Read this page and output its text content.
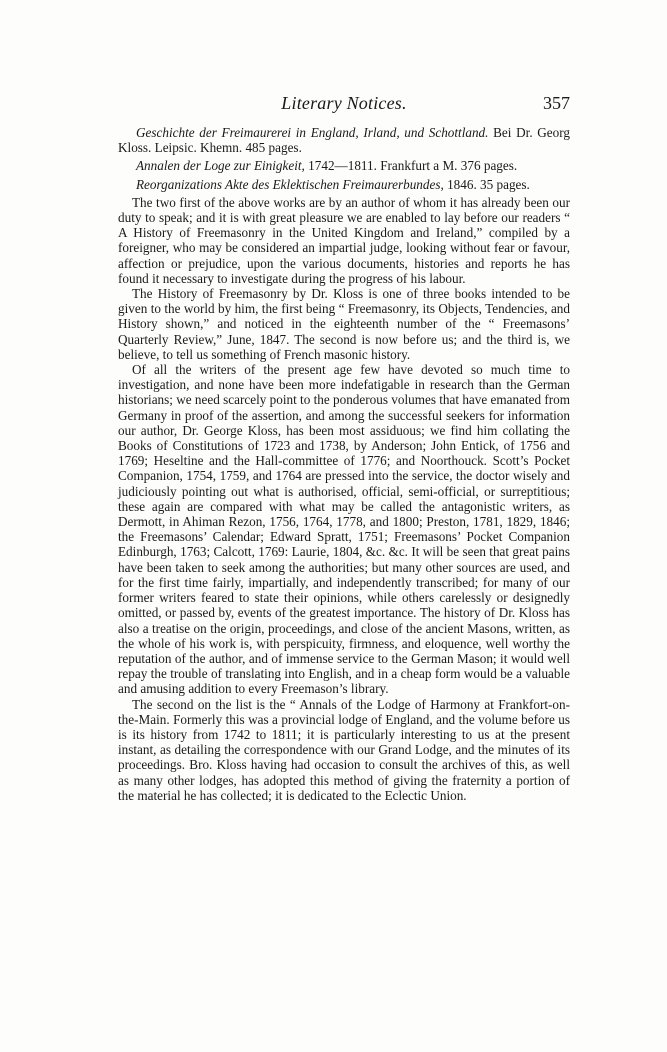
Literary Notices.	357

Geschichte der Freimaurerei in England, Irland, und Schottland. Bei Dr. Georg Kloss. Leipsic. Khemn. 485 pages.

Annalen der Loge zur Einigkeit, 1742—1811. Frankfurt a M. 376 pages.

Reorganizations Akte des Eklektischen Freimaurerbundes, 1846. 35 pages.

The two first of the above works are by an author of whom it has already been our duty to speak; and it is with great pleasure we are enabled to lay before our readers “ A History of Freemasonry in the United Kingdom and Ireland,” compiled by a foreigner, who may be considered an impartial judge, looking without fear or favour, affection or prejudice, upon the various documents, histories and reports he has found it necessary to investigate during the progress of his labour.

The History of Freemasonry by Dr. Kloss is one of three books intended to be given to the world by him, the first being “ Freemasonry, its Objects, Tendencies, and History shown,” and noticed in the eighteenth number of the “ Freemasons’ Quarterly Review,” June, 1847. The second is now before us; and the third is, we believe, to tell us something of French masonic history.

Of all the writers of the present age few have devoted so much time to investigation, and none have been more indefatigable in research than the German historians; we need scarcely point to the ponderous volumes that have emanated from Germany in proof of the assertion, and among the successful seekers for information our author, Dr. George Kloss, has been most assiduous; we find him collating the Books of Constitutions of 1723 and 1738, by Anderson; John Entick, of 1756 and 1769; Heseltine and the Hall-committee of 1776; and Noorthouck. Scott’s Pocket Companion, 1754, 1759, and 1764 are pressed into the service, the doctor wisely and judiciously pointing out what is authorised, official, semi-official, or surreptitious; these again are compared with what may be called the antagonistic writers, as Dermott, in Ahiman Rezon, 1756, 1764, 1778, and 1800; Preston, 1781, 1829, 1846; the Freemasons’ Calendar; Edward Spratt, 1751; Freemasons’ Pocket Companion Edinburgh, 1763; Calcott, 1769: Laurie, 1804, &c. &c. It will be seen that great pains have been taken to seek among the authorities; but many other sources are used, and for the first time fairly, impartially, and independently transcribed; for many of our former writers feared to state their opinions, while others carelessly or designedly omitted, or passed by, events of the greatest importance. The history of Dr. Kloss has also a treatise on the origin, proceedings, and close of the ancient Masons, written, as the whole of his work is, with perspicuity, firmness, and eloquence, well worthy the reputation of the author, and of immense service to the German Mason; it would well repay the trouble of translating into English, and in a cheap form would be a valuable and amusing addition to every Freemason’s library.

The second on the list is the “ Annals of the Lodge of Harmony at Frankfort-on-the-Main. Formerly this was a provincial lodge of England, and the volume before us is its history from 1742 to 1811; it is particularly interesting to us at the present instant, as detailing the correspondence with our Grand Lodge, and the minutes of its proceedings. Bro. Kloss having had occasion to consult the archives of this, as well as many other lodges, has adopted this method of giving the fraternity a portion of the material he has collected; it is dedicated to the Eclectic Union.
